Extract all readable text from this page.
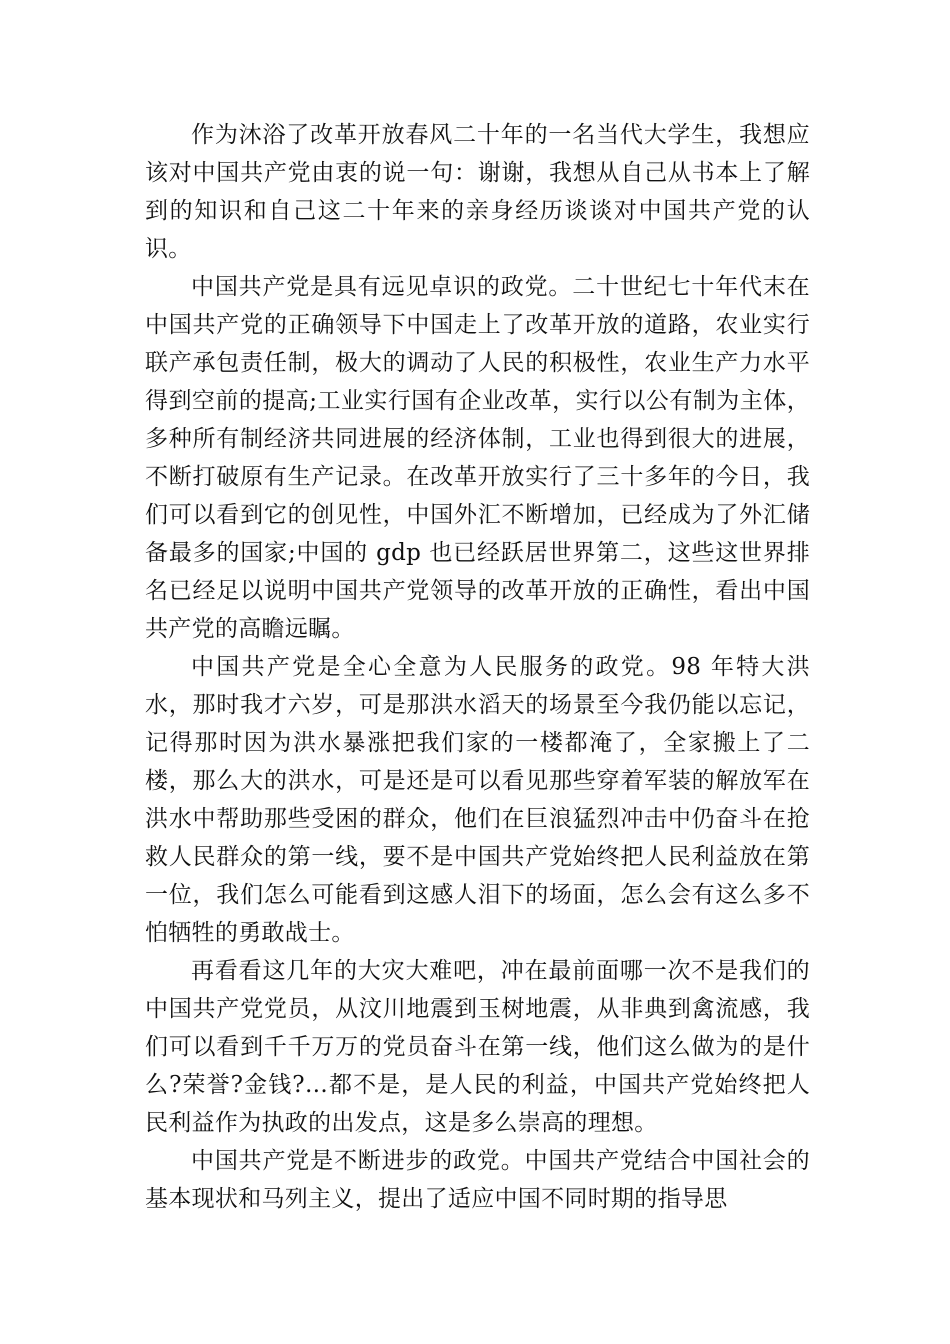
作为沐浴了改革开放春风二十年的一名当代大学生，我想应该对中国共产党由衷的说一句：谢谢，我想从自己从书本上了解到的知识和自己这二十年来的亲身经历谈谈对中国共产党的认识。

中国共产党是具有远见卓识的政党。二十世纪七十年代末在中国共产党的正确领导下中国走上了改革开放的道路，农业实行联产承包责任制，极大的调动了人民的积极性，农业生产力水平得到空前的提高;工业实行国有企业改革，实行以公有制为主体，多种所有制经济共同进展的经济体制，工业也得到很大的进展，不断打破原有生产记录。在改革开放实行了三十多年的今日，我们可以看到它的创见性，中国外汇不断增加，已经成为了外汇储备最多的国家;中国的 gdp 也已经跃居世界第二，这些这世界排名已经足以说明中国共产党领导的改革开放的正确性，看出中国共产党的高瞻远瞩。

中国共产党是全心全意为人民服务的政党。98 年特大洪水，那时我才六岁，可是那洪水滔天的场景至今我仍能以忘记，记得那时因为洪水暴涨把我们家的一楼都淹了，全家搬上了二楼，那么大的洪水，可是还是可以看见那些穿着军装的解放军在洪水中帮助那些受困的群众，他们在巨浪猛烈冲击中仍奋斗在抢救人民群众的第一线，要不是中国共产党始终把人民利益放在第一位，我们怎么可能看到这感人泪下的场面，怎么会有这么多不怕牺牲的勇敢战士。

再看看这几年的大灾大难吧，冲在最前面哪一次不是我们的中国共产党党员，从汶川地震到玉树地震，从非典到禽流感，我们可以看到千千万万的党员奋斗在第一线，他们这么做为的是什么?荣誉?金钱?…都不是，是人民的利益，中国共产党始终把人民利益作为执政的出发点，这是多么崇高的理想。

中国共产党是不断进步的政党。中国共产党结合中国社会的基本现状和马列主义，提出了适应中国不同时期的指导思
